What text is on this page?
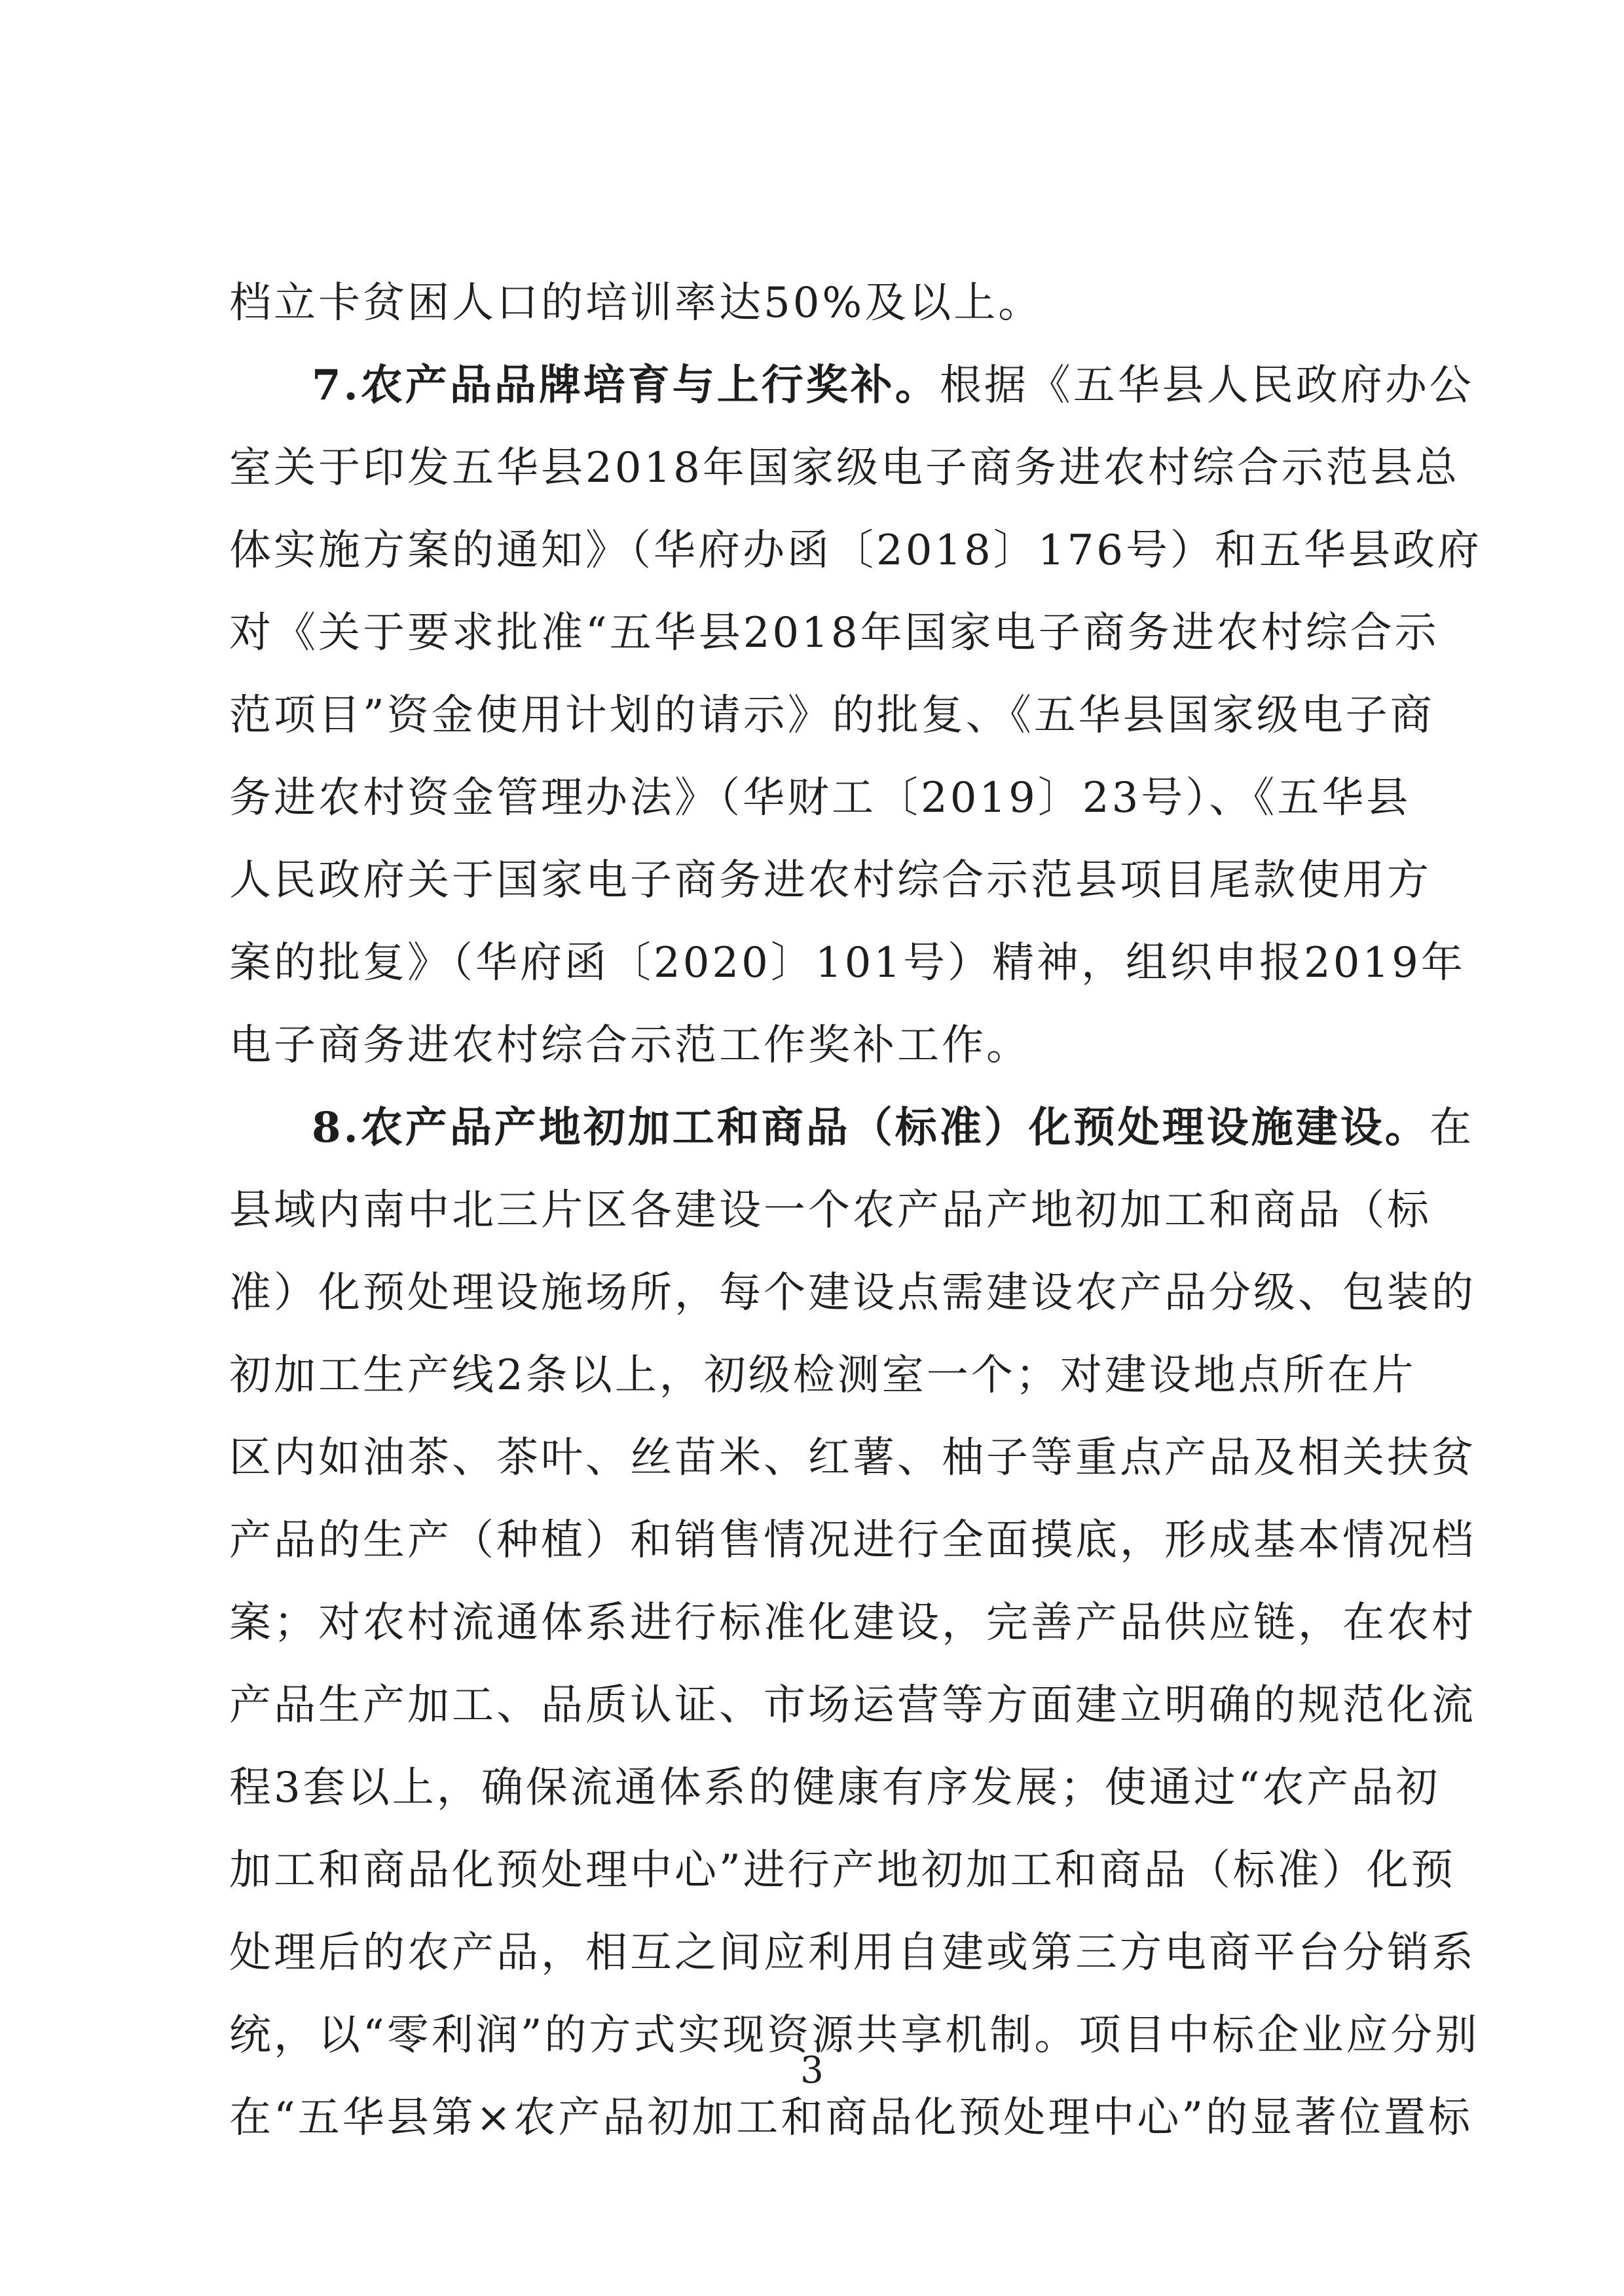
档立卡贫困人口的培训率达50%及以上。
7.农产品品牌培育与上行奖补。根据《五华县人民政府办公
室关于印发五华县2018年国家级电子商务进农村综合示范县总
体实施方案的通知》（华府办函〔2018〕176号）和五华县政府
对《关于要求批准“五华县2018年国家电子商务进农村综合示
范项目”资金使用计划的请示》的批复、《五华县国家级电子商
务进农村资金管理办法》（华财工〔2019〕23号）、《五华县
人民政府关于国家电子商务进农村综合示范县项目尾款使用方
案的批复》（华府函〔2020〕101号）精神，组织申报2019年
电子商务进农村综合示范工作奖补工作。
8.农产品产地初加工和商品（标准）化预处理设施建设。在
县域内南中北三片区各建设一个农产品产地初加工和商品（标
准）化预处理设施场所，每个建设点需建设农产品分级、包装的
初加工生产线2条以上，初级检测室一个；对建设地点所在片
区内如油茶、茶叶、丝苗米、红薯、柚子等重点产品及相关扶贫
产品的生产（种植）和销售情况进行全面摸底，形成基本情况档
案；对农村流通体系进行标准化建设，完善产品供应链，在农村
产品生产加工、品质认证、市场运营等方面建立明确的规范化流
程3套以上，确保流通体系的健康有序发展；使通过“农产品初
加工和商品化预处理中心”进行产地初加工和商品（标准）化预
处理后的农产品，相互之间应利用自建或第三方电商平台分销系
统，以“零利润”的方式实现资源共享机制。项目中标企业应分别
在“五华县第×农产品初加工和商品化预处理中心”的显著位置标
3
